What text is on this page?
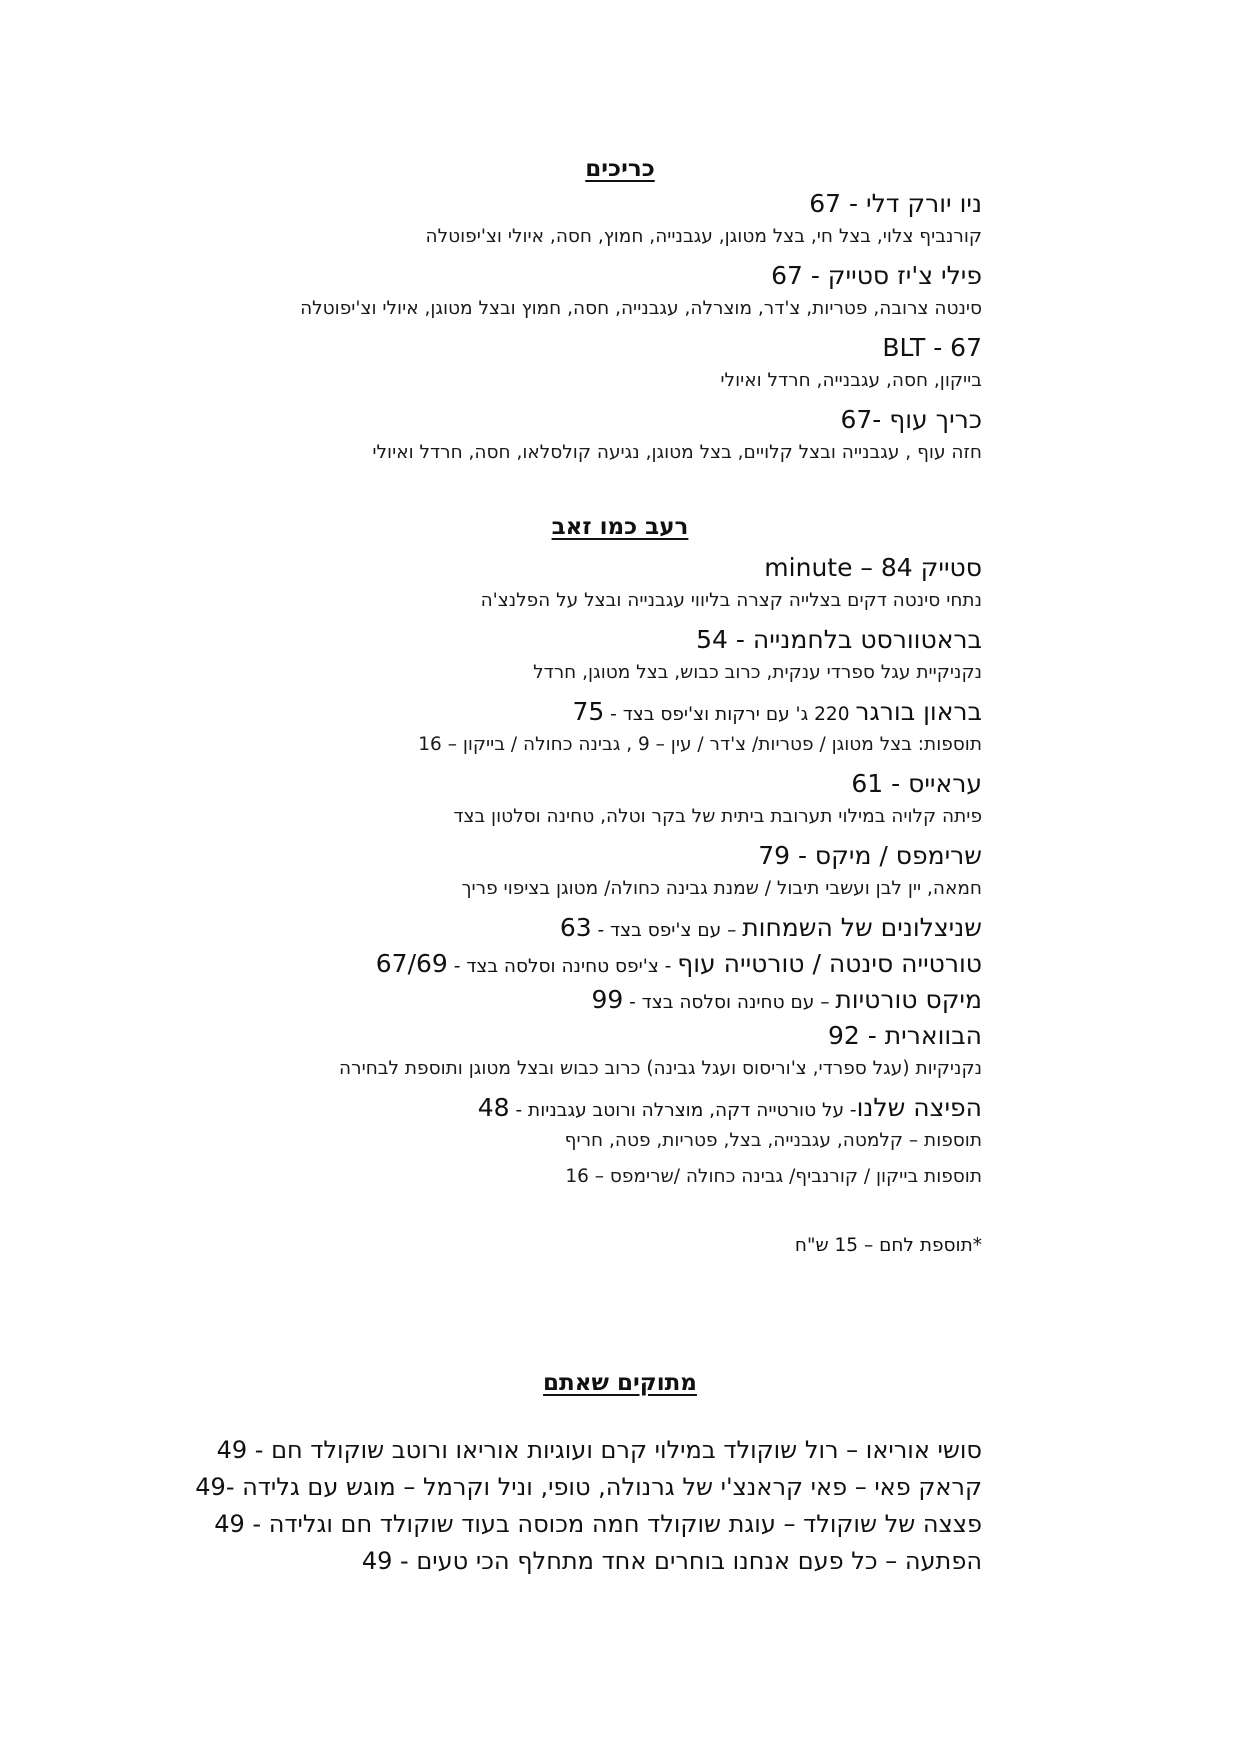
כריכים
ניו יורק דלי - 67
קורנביף צלוי, בצל חי, בצל מטוגן, עגבנייה, חמוץ, חסה, איולי וצ'יפוטלה
פילי צ'יז סטייק - 67
סינטה צרובה, פטריות, צ'דר, מוצרלה, עגבנייה, חסה, חמוץ ובצל מטוגן, איולי וצ'יפוטלה
BLT - 67
בייקון, חסה, עגבנייה, חרדל ואיולי
כריך עוף -67
חזה עוף , עגבנייה ובצל קלויים, בצל מטוגן, נגיעה קולסלאו, חסה, חרדל ואיולי
רעב כמו זאב
סטייק minute – 84
נתחי סינטה דקים בצלייה קצרה בליווי עגבנייה ובצל על הפלנצ'ה
בראטוורסט בלחמנייה - 54
נקניקיית עגל ספרדי ענקית, כרוב כבוש, בצל מטוגן, חרדל
בראון בורגר 220 ג' עם ירקות וצ'יפס בצד - 75
תוספות: בצל מטוגן / פטריות/ צ'דר / עין – 9 , גבינה כחולה / בייקון – 16
עראייס - 61
פיתה קלויה במילוי תערובת ביתית של בקר וטלה, טחינה וסלטון בצד
שרימפס / מיקס - 79
חמאה, יין לבן ועשבי תיבול / שמנת גבינה כחולה/ מטוגן בציפוי פריך
שניצלונים של השמחות – עם צ'יפס בצד - 63
טורטייה סינטה / טורטייה עוף - צ'יפס טחינה וסלסה בצד - 67/69
מיקס טורטיות – עם טחינה וסלסה בצד - 99
הבווארית - 92
נקניקיות (עגל ספרדי, צ'וריסוס ועגל גבינה) כרוב כבוש ובצל מטוגן ותוספת לבחירה
הפיצה שלנו- על טורטייה דקה, מוצרלה ורוטב עגבניות - 48
תוספות – קלמטה, עגבנייה, בצל, פטריות, פטה, חריף
תוספות בייקון / קורנביף/ גבינה כחולה /שרימפס – 16
*תוספת לחם – 15 ש"ח
מתוקים שאתם
סושי אוריאו – רול שוקולד במילוי קרם ועוגיות אוריאו ורוטב שוקולד חם - 49
קראק פאי – פאי קראנצ'י של גרנולה, טופי, וניל וקרמל – מוגש עם גלידה -49
פצצה של שוקולד – עוגת שוקולד חמה מכוסה בעוד שוקולד חם וגלידה - 49
הפתעה – כל פעם אנחנו בוחרים אחד מתחלף הכי טעים - 49
